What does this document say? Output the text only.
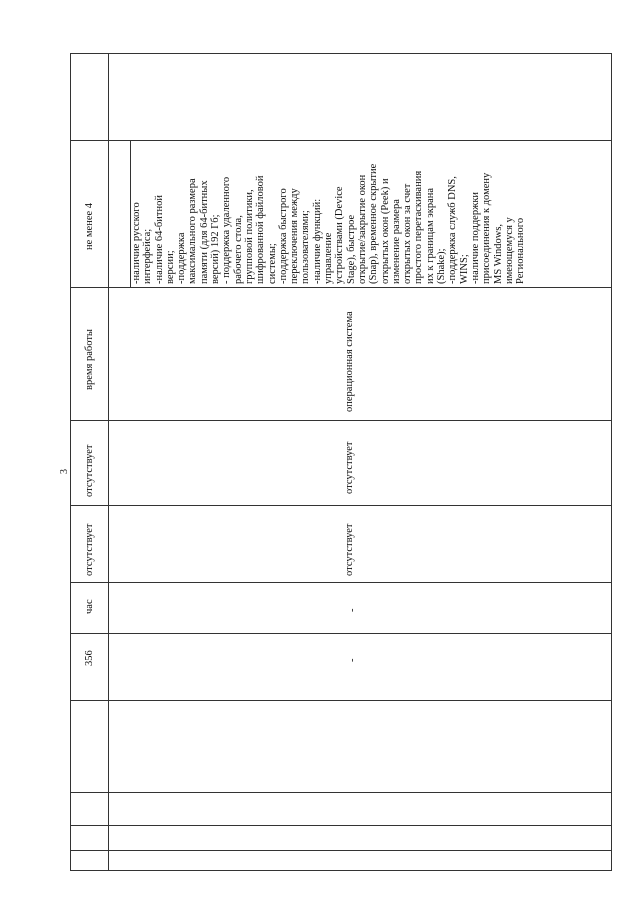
3
не менее 4
время работы
отсутствует
отсутствует
час
356
-наличие русского интерфейса; -наличие 64-битной версии; -поддержка максимального размера памяти (для 64-битных версий) 192 Гб; - поддержка удаленного рабочего стола, групповой политики, шифрованной файловой системы; -поддержка быстрого переключения между пользователями; -наличие функций: управление устройствами (Device Stage), быстрое открытие/закрытие окон (Snap), временное скрытие открытых окон (Peek) и изменение размера открытых окон за счет простого перетаскивания их к границам экрана (Shake); -поддержка служб DNS, WINS; -наличие поддержки присоединения к домену MS Windows, имеющемуся у Регионального
операционная система
отсутствует
отсутствует
-
-
